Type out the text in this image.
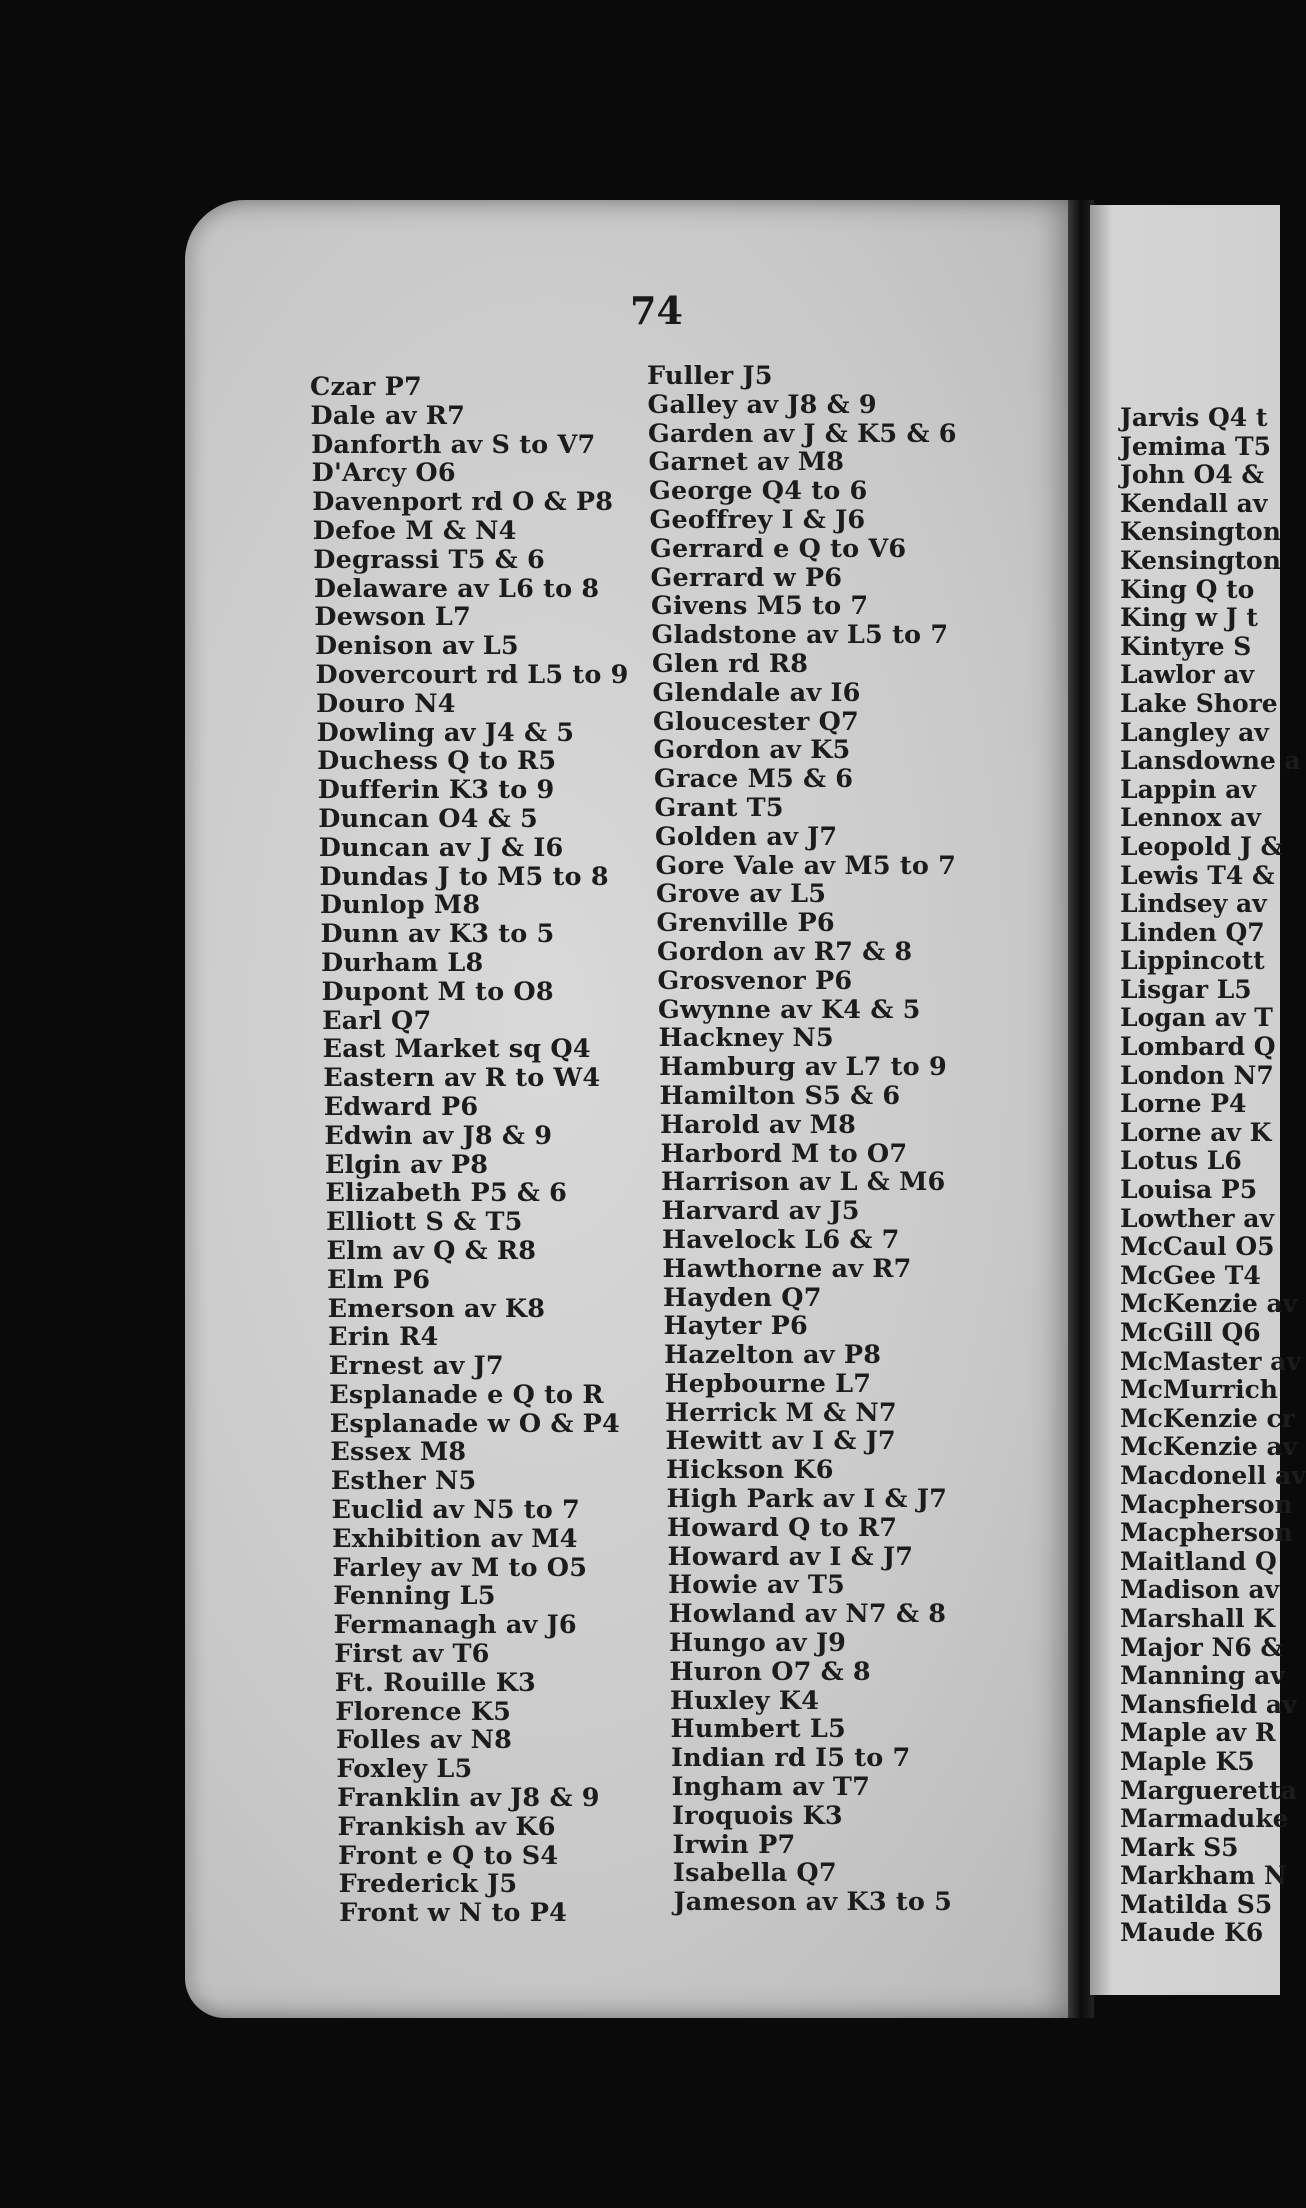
74
Czar P7
Dale av R7
Danforth av S to V7
D'Arcy O6
Davenport rd O & P8
Defoe M & N4
Degrassi T5 & 6
Delaware av L6 to 8
Dewson L7
Denison av L5
Dovercourt rd L5 to 9
Douro N4
Dowling av J4 & 5
Duchess Q to R5
Dufferin K3 to 9
Duncan O4 & 5
Duncan av J & I6
Dundas J to M5 to 8
Dunlop M8
Dunn av K3 to 5
Durham L8
Dupont M to O8
Earl Q7
East Market sq Q4
Eastern av R to W4
Edward P6
Edwin av J8 & 9
Elgin av P8
Elizabeth P5 & 6
Elliott S & T5
Elm av Q & R8
Elm P6
Emerson av K8
Erin R4
Ernest av J7
Esplanade e Q to R
Esplanade w O & P4
Essex M8
Esther N5
Euclid av N5 to 7
Exhibition av M4
Farley av M to O5
Fenning L5
Fermanagh av J6
First av T6
Ft. Rouille K3
Florence K5
Folles av N8
Foxley L5
Franklin av J8 & 9
Frankish av K6
Front e Q to S4
Frederick J5
Front w N to P4
Fuller J5
Galley av J8 & 9
Garden av J & K5 & 6
Garnet av M8
George Q4 to 6
Geoffrey I & J6
Gerrard e Q to V6
Gerrard w P6
Givens M5 to 7
Gladstone av L5 to 7
Glen rd R8
Glendale av I6
Gloucester Q7
Gordon av K5
Grace M5 & 6
Grant T5
Golden av J7
Gore Vale av M5 to 7
Grove av L5
Grenville P6
Gordon av R7 & 8
Grosvenor P6
Gwynne av K4 & 5
Hackney N5
Hamburg av L7 to 9
Hamilton S5 & 6
Harold av M8
Harbord M to O7
Harrison av L & M6
Harvard av J5
Havelock L6 & 7
Hawthorne av R7
Hayden Q7
Hayter P6
Hazelton av P8
Hepbourne L7
Herrick M & N7
Hewitt av I & J7
Hickson K6
High Park av I & J7
Howard Q to R7
Howard av I & J7
Howie av T5
Howland av N7 & 8
Hungo av J9
Huron O7 & 8
Huxley K4
Humbert L5
Indian rd I5 to 7
Ingham av T7
Iroquois K3
Irwin P7
Isabella Q7
Jameson av K3 to 5
Jarvis Q4 t
Jemima T5
John O4 &
Kendall av
Kensington
Kensington
King Q to
King w J t
Kintyre S
Lawlor av
Lake Shore
Langley av
Lansdowne a
Lappin av
Lennox av
Leopold J &
Lewis T4 &
Lindsey av
Linden Q7
Lippincott
Lisgar L5
Logan av T
Lombard Q
London N7
Lorne P4
Lorne av K
Lotus L6
Louisa P5
Lowther av
McCaul O5
McGee T4
McKenzie av
McGill Q6
McMaster av
McMurrich
McKenzie cr
McKenzie av
Macdonell av
Macpherson
Macpherson
Maitland Q
Madison av
Marshall K
Major N6 &
Manning av
Mansfield av
Maple av R
Maple K5
Margueretta
Marmaduke
Mark S5
Markham N
Matilda S5
Maude K6
